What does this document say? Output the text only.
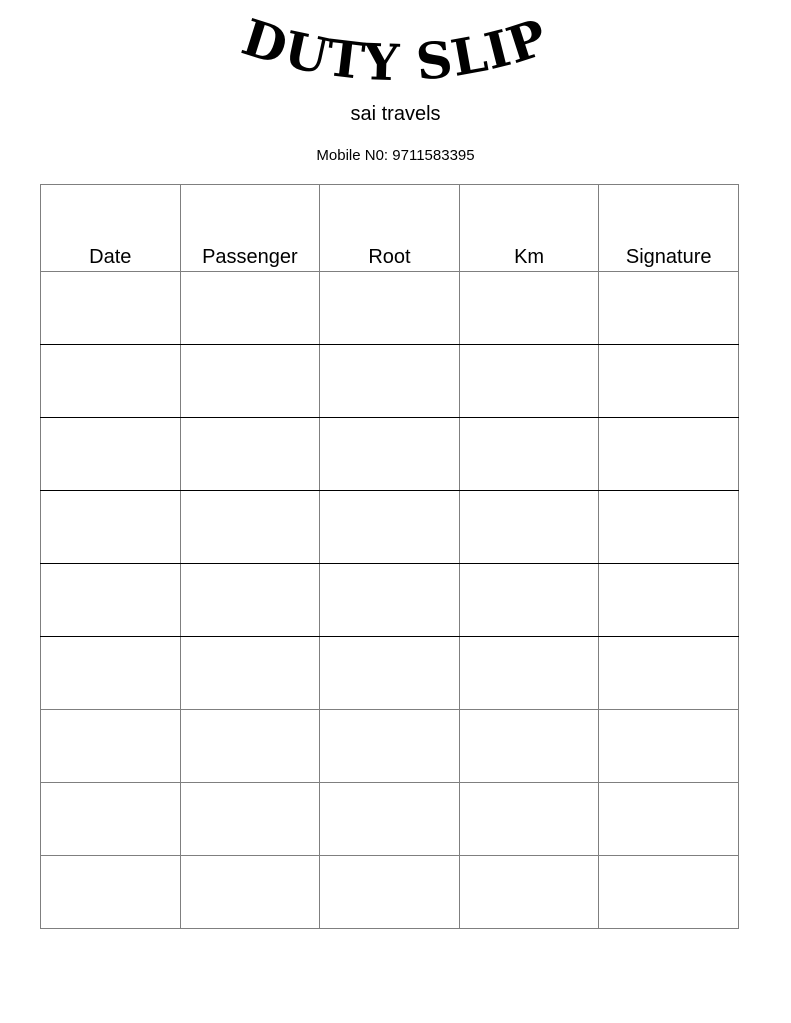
DUTY SLIP
sai travels
Mobile N0: 9711583395
Date	Passenger	Root	Km	Signature
